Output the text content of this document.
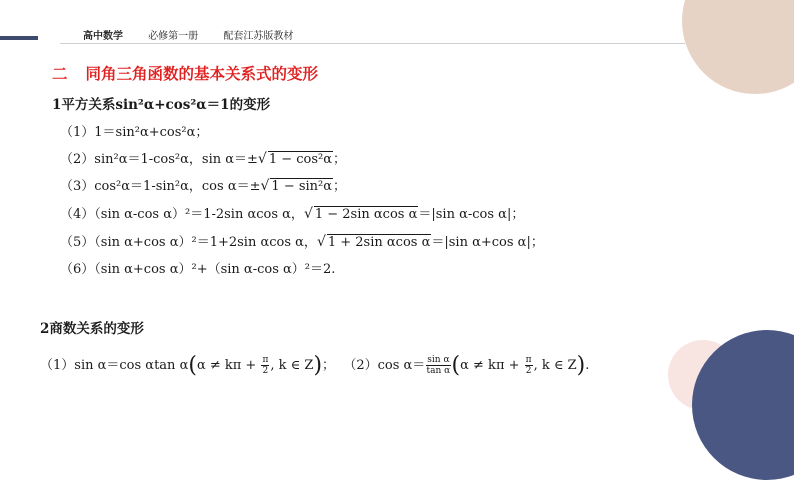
高中数学	必修第一册	配套江苏版教材
二 同角三角函数的基本关系式的变形
1平方关系sin²α+cos²α＝1的变形
（1）1＝sin²α+cos²α；
（2）sin²α＝1-cos²α，sin α＝±√ 1 − cos²α；
（3）cos²α＝1-sin²α，cos α＝±√ 1 − sin²α；
（4）（sin α-cos α）²＝1-2sin αcos α，√ 1 − 2sin αcos α＝|sin α-cos α|；
（5）（sin α+cos α）²＝1+2sin αcos α，√ 1 + 2sin αcos α＝|sin α+cos α|；
（6）（sin α+cos α）²+（sin α-cos α）²＝2.
2商数关系的变形
（1）sin α＝cos αtan $\alpha(\alpha \ne k\pi + \frac{\pi}{2}$ , k ∈ Z)； （2）cos $\alpha= \frac{\text{sin α}}{\text{tan α}} (\alpha \ne k\pi + \frac{\pi}{2}$ , k ∈ Z).
